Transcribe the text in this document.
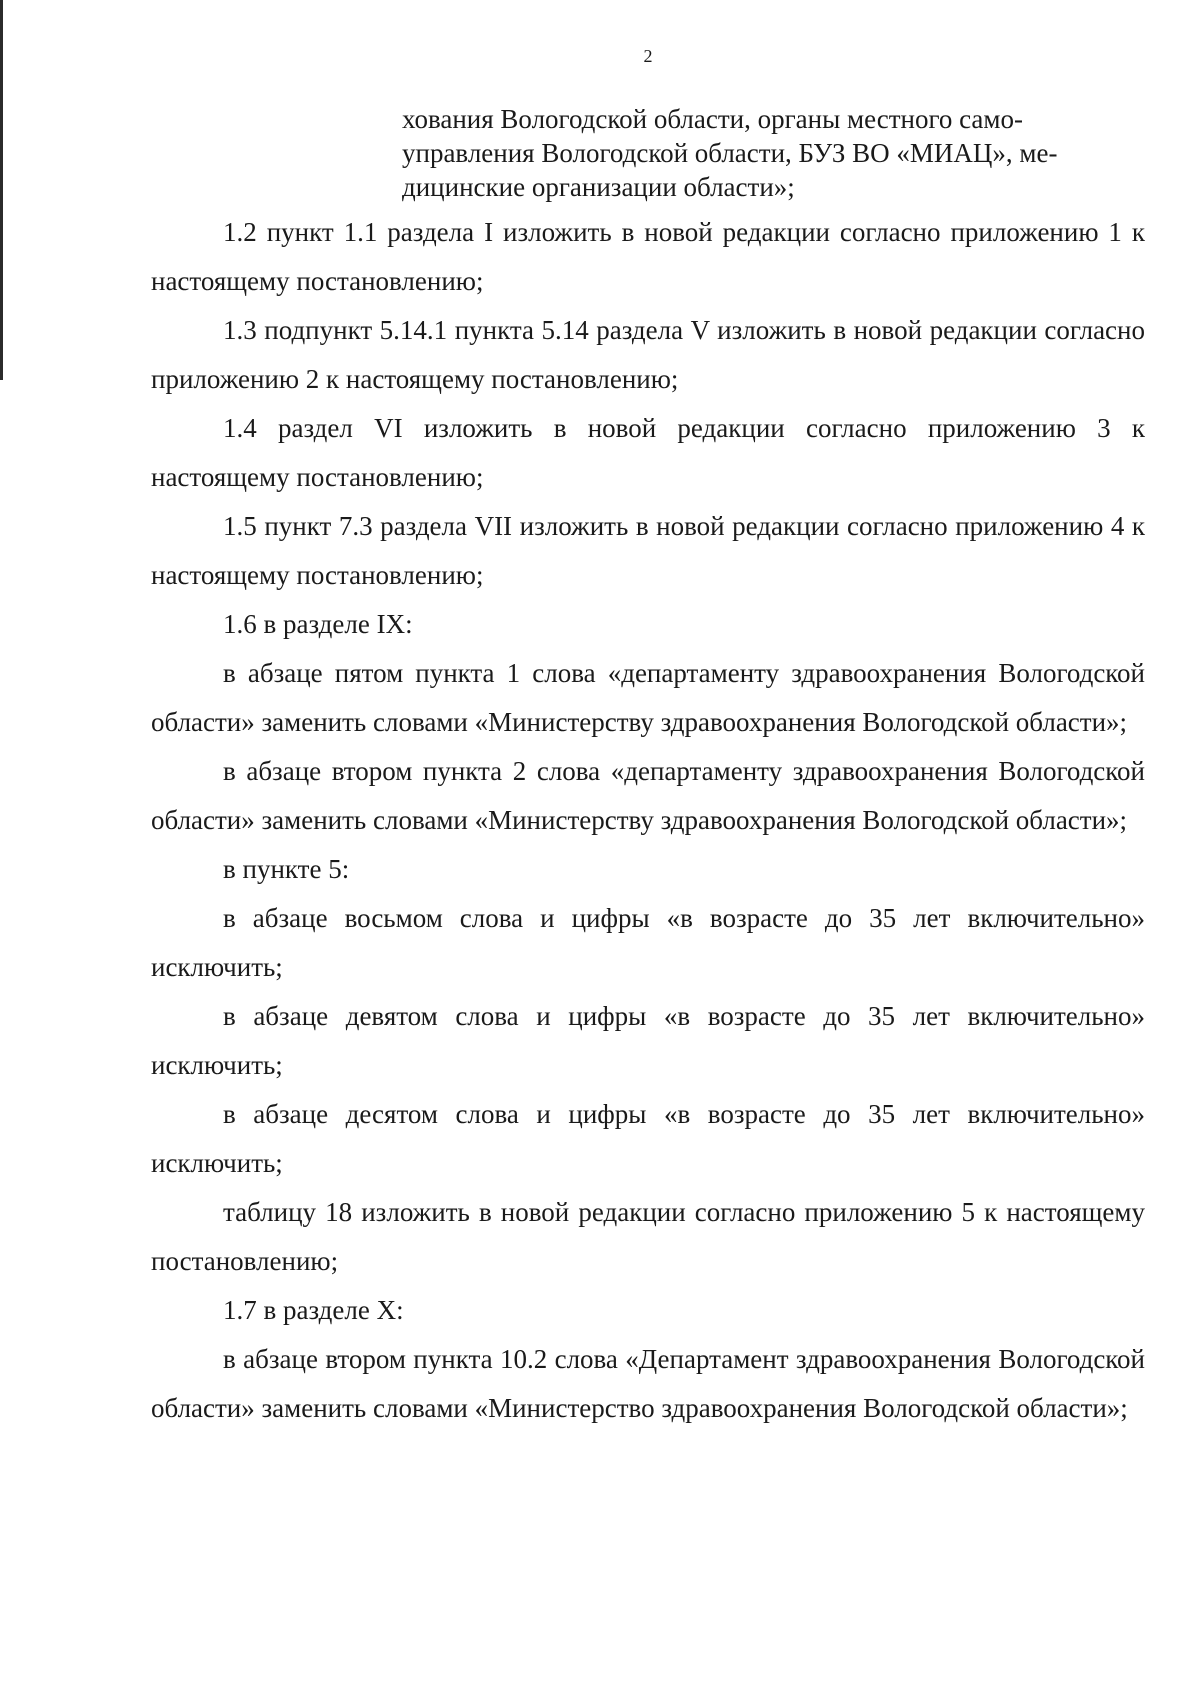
2
хования Вологодской области, органы местного само-
управления Вологодской области, БУЗ ВО «МИАЦ», ме-
дицинские организации области»;

1.2 пункт 1.1 раздела I изложить в новой редакции согласно приложению 1 к настоящему постановлению;

1.3 подпункт 5.14.1 пункта 5.14 раздела V изложить в новой редакции согласно приложению 2 к настоящему постановлению;

1.4 раздел VI изложить в новой редакции согласно приложению 3 к настоящему постановлению;

1.5 пункт 7.3 раздела VII изложить в новой редакции согласно приложению 4 к настоящему постановлению;

1.6 в разделе IX:

в абзаце пятом пункта 1 слова «департаменту здравоохранения Вологодской области» заменить словами «Министерству здравоохранения Вологодской области»;

в абзаце втором пункта 2 слова «департаменту здравоохранения Вологодской области» заменить словами «Министерству здравоохранения Вологодской области»;

в пункте 5:

в абзаце восьмом слова и цифры «в возрасте до 35 лет включительно» исключить;

в абзаце девятом слова и цифры «в возрасте до 35 лет включительно» исключить;

в абзаце десятом слова и цифры «в возрасте до 35 лет включительно» исключить;

таблицу 18 изложить в новой редакции согласно приложению 5 к настоящему постановлению;

1.7 в разделе X:

в абзаце втором пункта 10.2 слова «Департамент здравоохранения Вологодской области» заменить словами «Министерство здравоохранения Вологодской области»;
